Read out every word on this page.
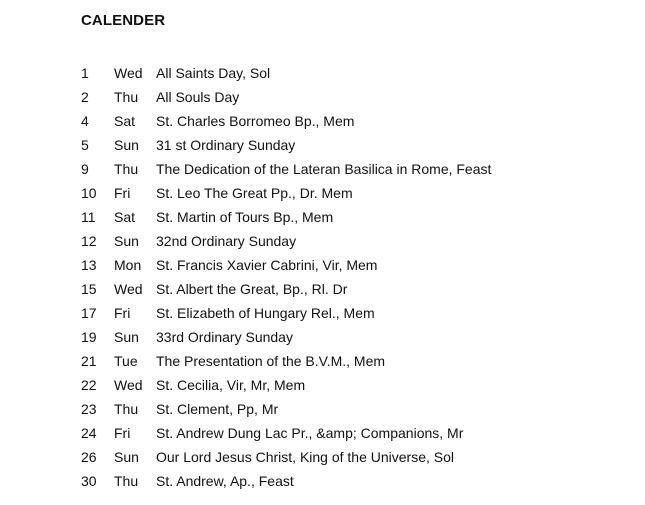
CALENDER
1	Wed All Saints Day, Sol
2	Thu	All Souls Day
4	Sat	St. Charles Borromeo Bp., Mem
5	Sun	31 st Ordinary Sunday
9	Thu	The Dedication of the Lateran Basilica in Rome, Feast
10	Fri	St. Leo The Great Pp., Dr. Mem
11	Sat	St. Martin of Tours Bp., Mem
12	Sun	32nd Ordinary Sunday
13	Mon	St. Francis Xavier Cabrini, Vir, Mem
15	Wed St. Albert the Great, Bp., Rl. Dr
17	Fri	St. Elizabeth of Hungary Rel., Mem
19	Sun	33rd Ordinary Sunday
21	Tue	The Presentation of the B.V.M., Mem
22	Wed St. Cecilia, Vir, Mr, Mem
23	Thu	St. Clement, Pp, Mr
24	Fri	St. Andrew Dung Lac Pr., &amp; Companions, Mr
26	Sun	Our Lord Jesus Christ, King of the Universe, Sol
30	Thu	St. Andrew, Ap., Feast
